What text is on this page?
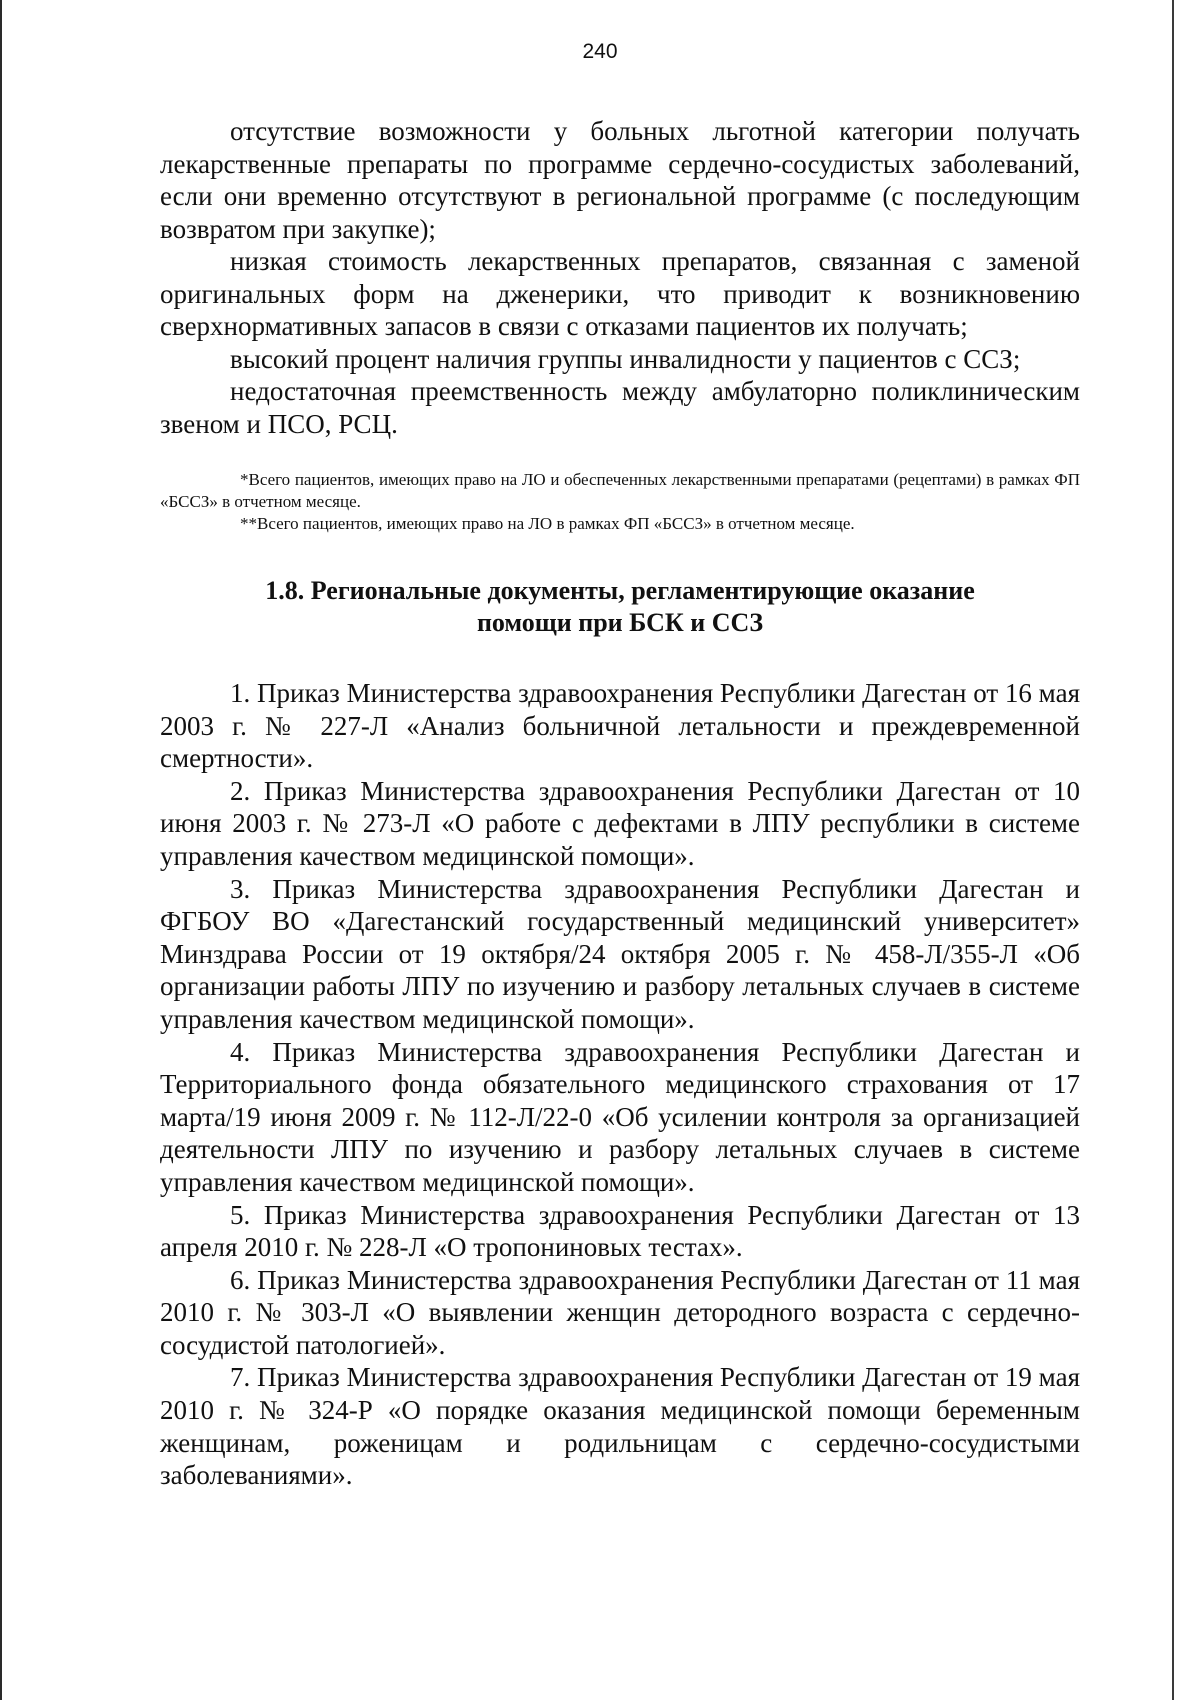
240

отсутствие возможности у больных льготной категории получать лекарственные препараты по программе сердечно-сосудистых заболеваний, если они временно отсутствуют в региональной программе (с последующим возвратом при закупке);

низкая стоимость лекарственных препаратов, связанная с заменой оригинальных форм на дженерики, что приводит к возникновению сверхнормативных запасов в связи с отказами пациентов их получать;

высокий процент наличия группы инвалидности у пациентов с ССЗ;

недостаточная преемственность между амбулаторно поликлиническим звеном и ПСО, РСЦ.

*Всего пациентов, имеющих право на ЛО и обеспеченных лекарственными препаратами (рецептами) в рамках ФП «БССЗ» в отчетном месяце.

**Всего пациентов, имеющих право на ЛО в рамках ФП «БССЗ» в отчетном месяце.

1.8. Региональные документы, регламентирующие оказание помощи при БСК и ССЗ

1. Приказ Министерства здравоохранения Республики Дагестан от 16 мая 2003 г. № 227-Л «Анализ больничной летальности и преждевременной смертности».

2. Приказ Министерства здравоохранения Республики Дагестан от 10 июня 2003 г. № 273-Л «О работе с дефектами в ЛПУ республики в системе управления качеством медицинской помощи».

3. Приказ Министерства здравоохранения Республики Дагестан и ФГБОУ ВО «Дагестанский государственный медицинский университет» Минздрава России от 19 октября/24 октября 2005 г. № 458-Л/355-Л «Об организации работы ЛПУ по изучению и разбору летальных случаев в системе управления качеством медицинской помощи».

4. Приказ Министерства здравоохранения Республики Дагестан и Территориального фонда обязательного медицинского страхования от 17 марта/19 июня 2009 г. № 112-Л/22-0 «Об усилении контроля за организацией деятельности ЛПУ по изучению и разбору летальных случаев в системе управления качеством медицинской помощи».

5. Приказ Министерства здравоохранения Республики Дагестан от 13 апреля 2010 г. № 228-Л «О тропониновых тестах».

6. Приказ Министерства здравоохранения Республики Дагестан от 11 мая 2010 г. № 303-Л «О выявлении женщин детородного возраста с сердечно-сосудистой патологией».

7. Приказ Министерства здравоохранения Республики Дагестан от 19 мая 2010 г. № 324-Р «О порядке оказания медицинской помощи беременным женщинам, роженицам и родильницам с сердечно-сосудистыми заболеваниями».
